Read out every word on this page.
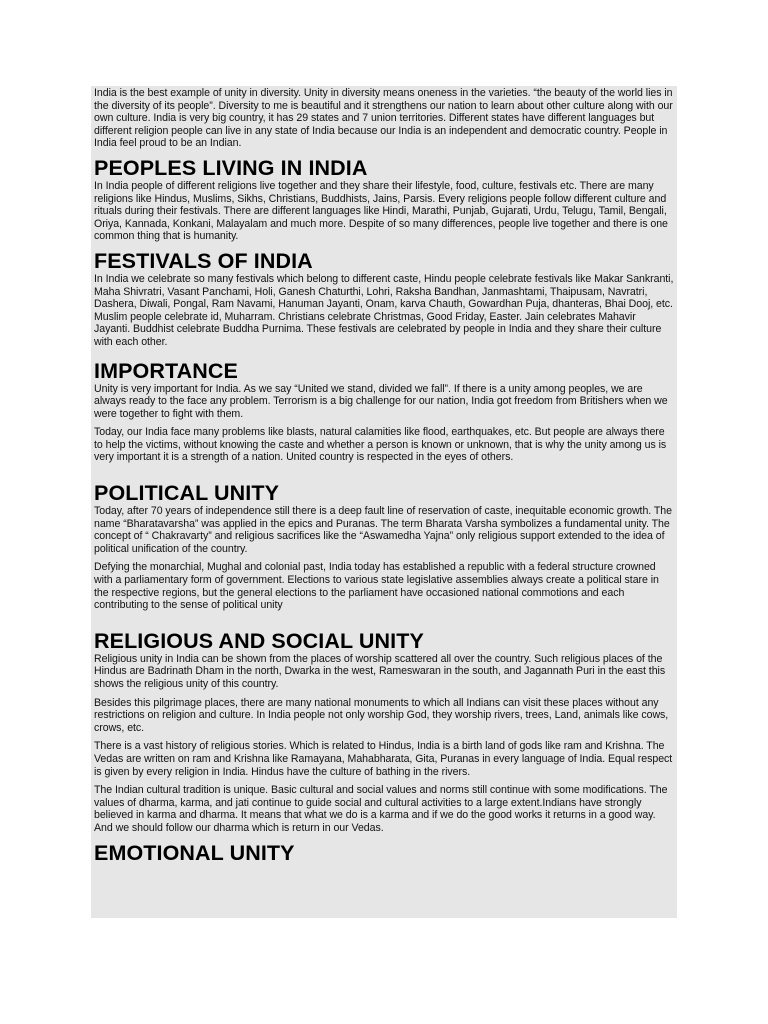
India is the best example of unity in diversity. Unity in diversity means oneness in the varieties. “the beauty of the world lies in the diversity of its people”. Diversity to me is beautiful and it strengthens our nation to learn about other culture along with our own culture. India is very big country, it has 29 states and 7 union territories. Different states have different languages but different religion people can live in any state of India because our India is an independent and democratic country. People in India feel proud to be an Indian.

PEOPLES LIVING IN INDIA

In India people of different religions live together and they share their lifestyle, food, culture, festivals etc. There are many religions like Hindus, Muslims, Sikhs, Christians, Buddhists, Jains, Parsis. Every religions people follow different culture and rituals during their festivals. There are different languages like Hindi, Marathi, Punjab, Gujarati, Urdu, Telugu, Tamil, Bengali, Oriya, Kannada, Konkani, Malayalam and much more. Despite of so many differences, people live together and there is one common thing that is humanity.

FESTIVALS OF INDIA

In India we celebrate so many festivals which belong to different caste, Hindu people celebrate festivals like Makar Sankranti, Maha Shivratri, Vasant Panchami, Holi, Ganesh Chaturthi, Lohri, Raksha Bandhan, Janmashtami, Thaipusam, Navratri, Dashera, Diwali, Pongal, Ram Navami, Hanuman Jayanti, Onam, karva Chauth, Gowardhan Puja, dhanteras, Bhai Dooj, etc. Muslim people celebrate id, Muharram. Christians celebrate Christmas, Good Friday, Easter. Jain celebrates Mahavir Jayanti. Buddhist celebrate Buddha Purnima. These festivals are celebrated by people in India and they share their culture with each other.

IMPORTANCE

Unity is very important for India. As we say “United we stand, divided we fall”. If there is a unity among peoples, we are always ready to the face any problem. Terrorism is a big challenge for our nation, India got freedom from Britishers when we were together to fight with them.

Today, our India face many problems like blasts, natural calamities like flood, earthquakes, etc. But people are always there to help the victims, without knowing the caste and whether a person is known or unknown, that is why the unity among us is very important it is a strength of a nation. United country is respected in the eyes of others.

POLITICAL UNITY

Today, after 70 years of independence still there is a deep fault line of reservation of caste, inequitable economic growth. The name “Bharatavarsha” was applied in the epics and Puranas. The term Bharata Varsha symbolizes a fundamental unity. The concept of “ Chakravarty” and religious sacrifices like the “Aswamedha Yajna” only religious support extended to the idea of political unification of the country.

Defying the monarchial, Mughal and colonial past, India today has established a republic with a federal structure crowned with a parliamentary form of government. Elections to various state legislative assemblies always create a political stare in the respective regions, but the general elections to the parliament have occasioned national commotions and each contributing to the sense of political unity

RELIGIOUS AND SOCIAL UNITY

Religious unity in India can be shown from the places of worship scattered all over the country. Such religious places of the Hindus are Badrinath Dham in the north, Dwarka in the west, Rameswaran in the south, and Jagannath Puri in the east this shows the religious unity of this country.

Besides this pilgrimage places, there are many national monuments to which all Indians can visit these places without any restrictions on religion and culture. In India people not only worship God, they worship rivers, trees, Land, animals like cows, crows, etc.

There is a vast history of religious stories. Which is related to Hindus, India is a birth land of gods like ram and Krishna. The Vedas are written on ram and Krishna like Ramayana, Mahabharata, Gita, Puranas in every language of India. Equal respect is given by every religion in India. Hindus have the culture of bathing in the rivers.

The Indian cultural tradition is unique. Basic cultural and social values and norms still continue with some modifications. The values of dharma, karma, and jati continue to guide social and cultural activities to a large extent.Indians have strongly believed in karma and dharma. It means that what we do is a karma and if we do the good works it returns in a good way. And we should follow our dharma which is return in our Vedas.

EMOTIONAL UNITY
